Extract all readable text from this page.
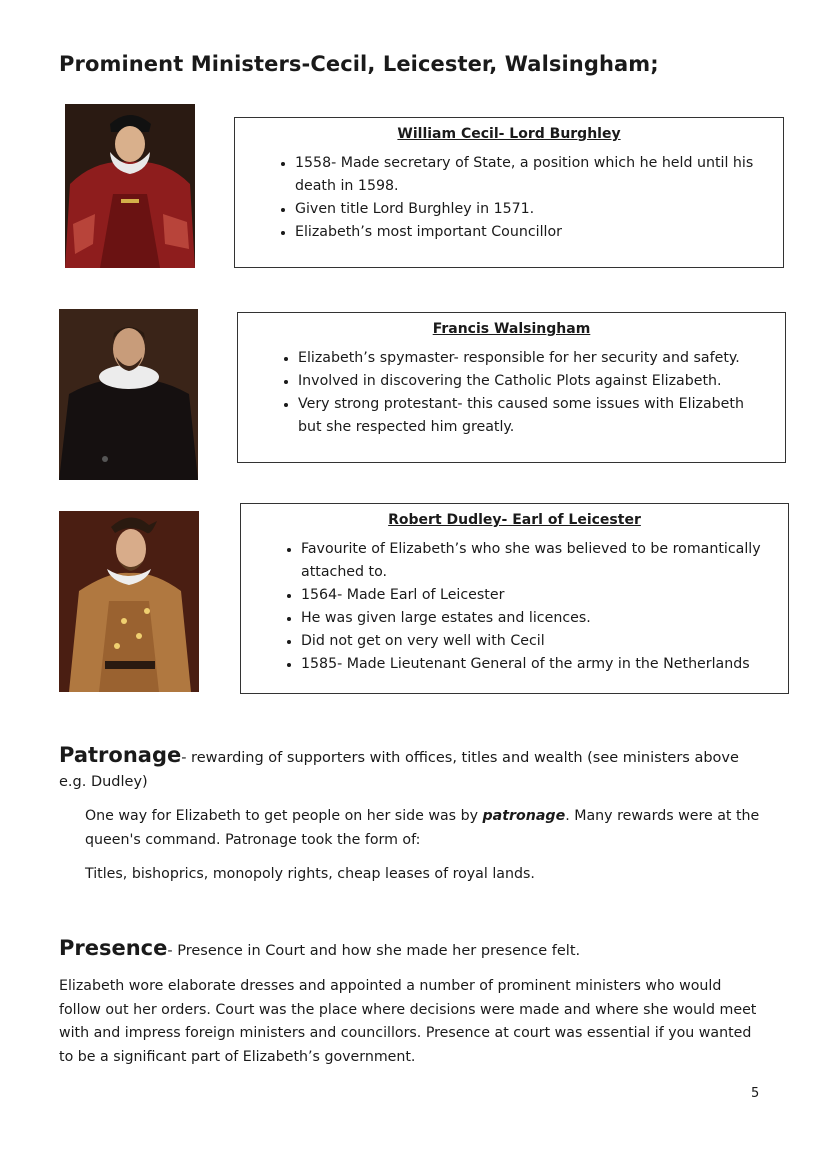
Prominent Ministers-Cecil, Leicester, Walsingham;
William Cecil- Lord Burghley
• 1558- Made secretary of State, a position which he held until his death in 1598.
• Given title Lord Burghley in 1571.
• Elizabeth’s most important Councillor
Francis Walsingham
• Elizabeth’s spymaster- responsible for her security and safety.
• Involved in discovering the Catholic Plots against Elizabeth.
• Very strong protestant- this caused some issues with Elizabeth but she respected him greatly.
Robert Dudley- Earl of Leicester
• Favourite of Elizabeth’s who she was believed to be romantically attached to.
• 1564- Made Earl of Leicester
• He was given large estates and licences.
• Did not get on very well with Cecil
• 1585- Made Lieutenant General of the army in the Netherlands
Patronage- rewarding of supporters with offices, titles and wealth (see ministers above e.g. Dudley)
One way for Elizabeth to get people on her side was by patronage. Many rewards were at the queen's command. Patronage took the form of:
Titles, bishoprics, monopoly rights, cheap leases of royal lands.
Presence- Presence in Court and how she made her presence felt.
Elizabeth wore elaborate dresses and appointed a number of prominent ministers who would follow out her orders. Court was the place where decisions were made and where she would meet with and impress foreign ministers and councillors. Presence at court was essential if you wanted to be a significant part of Elizabeth’s government.
5
